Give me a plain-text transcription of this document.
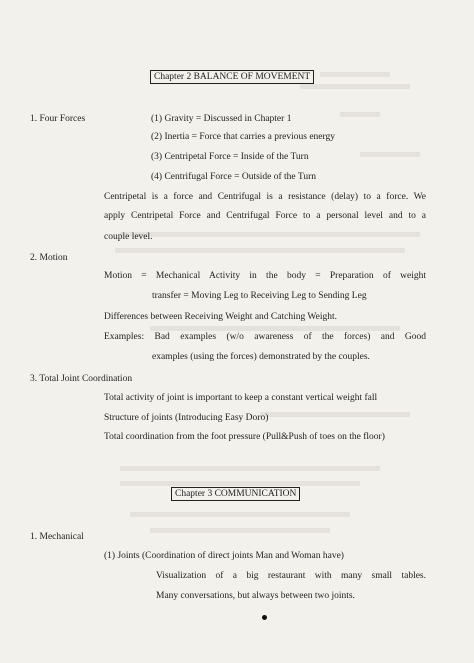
Chapter 2 BALANCE OF MOVEMENT
1. Four Forces	(1) Gravity = Discussed in Chapter 1
(2) Inertia = Force that carries a previous energy
(3) Centripetal Force = Inside of the Turn
(4) Centrifugal Force = Outside of the Turn
Centripetal is a force and Centrifugal is a resistance (delay) to a force. We
apply Centripetal Force and Centrifugal Force to a personal level and to a
couple level.
2. Motion
Motion = Mechanical Activity in the body = Preparation of weight
transfer = Moving Leg to Receiving Leg to Sending Leg
Differences between Receiving Weight and Catching Weight.
Examples: Bad examples (w/o awareness of the forces) and Good
examples (using the forces) demonstrated by the couples.
3. Total Joint Coordination
Total activity of joint is important to keep a constant vertical weight fall
Structure of joints (Introducing Easy Doro)
Total coordination from the foot pressure (Pull&Push of toes on the floor)
Chapter 3 COMMUNICATION
1. Mechanical
(1) Joints (Coordination of direct joints Man and Woman have)
Visualization of a big restaurant with many small tables.
Many conversations, but always between two joints.
